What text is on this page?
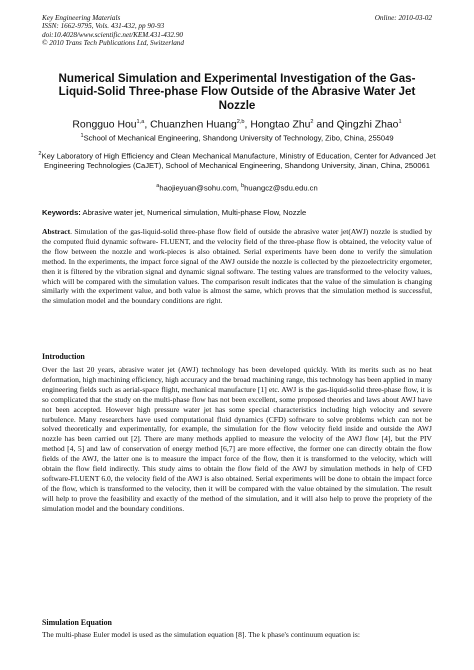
Key Engineering Materials
ISSN: 1662-9795, Vols. 431-432, pp 90-93
doi:10.4028/www.scientific.net/KEM.431-432.90
© 2010 Trans Tech Publications Ltd, Switzerland
Online: 2010-03-02
Numerical Simulation and Experimental Investigation of the Gas-Liquid-Solid Three-phase Flow Outside of the Abrasive Water Jet Nozzle
Rongguo Hou$^{1,a}$, Chuanzhen Huang$^{2,b}$, Hongtao Zhu$^2$ and Qingzhi Zhao$^1$
$^1$School of Mechanical Engineering, Shandong University of Technology, Zibo, China, 255049
$^2$Key Laboratory of High Efficiency and Clean Mechanical Manufacture, Ministry of Education, Center for Advanced Jet Engineering Technologies (CaJET), School of Mechanical Engineering, Shandong University, Jinan, China, 250061
$^a$haojieyuan@sohu.com, $^b$huangcz@sdu.edu.cn
Keywords: Abrasive water jet, Numerical simulation, Multi-phase Flow, Nozzle

Abstract. Simulation of the gas-liquid-solid three-phase flow field of outside the abrasive water jet(AWJ) nozzle is studied by the computed fluid dynamic software- FLUENT, and the velocity field of the three-phase flow is obtained, the velocity value of the flow between the nozzle and work-pieces is also obtained. Serial experiments have been done to verify the simulation method. In the experiments, the impact force signal of the AWJ outside the nozzle is collected by the piezoelectricity ergometer, then it is filtered by the vibration signal and dynamic signal software. The testing values are transformed to the velocity values, which will be compared with the simulation values. The comparison result indicates that the value of the simulation is changing similarly with the experiment value, and both value is almost the same, which proves that the simulation method is successful, the simulation model and the boundary conditions are right.

Introduction

Over the last 20 years, abrasive water jet (AWJ) technology has been developed quickly. With its merits such as no heat deformation, high machining efficiency, high accuracy and the broad machining range, this technology has been applied in many engineering fields such as aerial-space flight, mechanical manufacture [1] etc. AWJ is the gas-liquid-solid three-phase flow, it is so complicated that the study on the multi-phase flow has not been excellent, some proposed theories and laws about AWJ have not been accepted. However high pressure water jet has some special characteristics including high velocity and severe turbulence. Many researchers have used computational fluid dynamics (CFD) software to solve problems which can not be solved theoretically and experimentally, for example, the simulation for the flow velocity field inside and outside the AWJ nozzle has been carried out [2]. There are many methods applied to measure the velocity of the AWJ flow [4], but the PIV method [4, 5] and law of conservation of energy method [6,7] are more effective, the former one can directly obtain the flow fields of the AWJ, the latter one is to measure the impact force of the flow, then it is transformed to the velocity, which will obtain the flow field indirectly. This study aims to obtain the flow field of the AWJ by simulation methods in help of CFD software-FLUENT 6.0, the velocity field of the AWJ is also obtained. Serial experiments will be done to obtain the impact force of the flow, which is transformed to the velocity, then it will be compared with the value obtained by the simulation. The result will help to prove the feasibility and exactly of the method of the simulation, and it will also help to prove the propriety of the simulation model and the boundary conditions.

Simulation Equation

The multi-phase Euler model is used as the simulation equation [8]. The k phase's continuum equation is:
